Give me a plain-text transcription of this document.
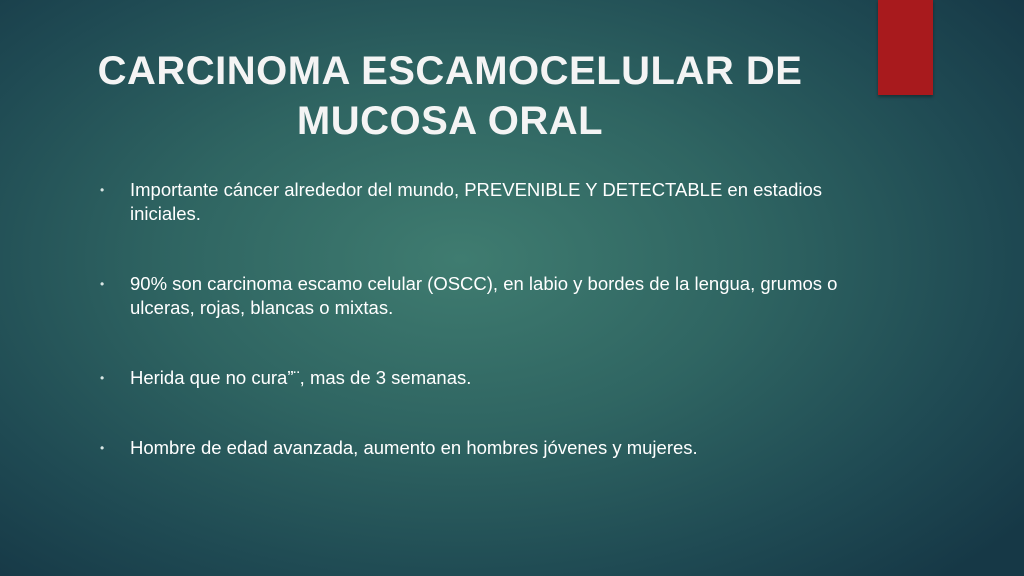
CARCINOMA ESCAMOCELULAR DE
MUCOSA ORAL
• Importante cáncer alrededor del mundo, PREVENIBLE Y DETECTABLE en estadios iniciales.
• 90% son carcinoma escamo celular (OSCC), en labio y bordes de la lengua, grumos o ulceras, rojas, blancas o mixtas.
• Herida que no cura”¨, mas de 3 semanas.
• Hombre de edad avanzada, aumento en hombres jóvenes y mujeres.
